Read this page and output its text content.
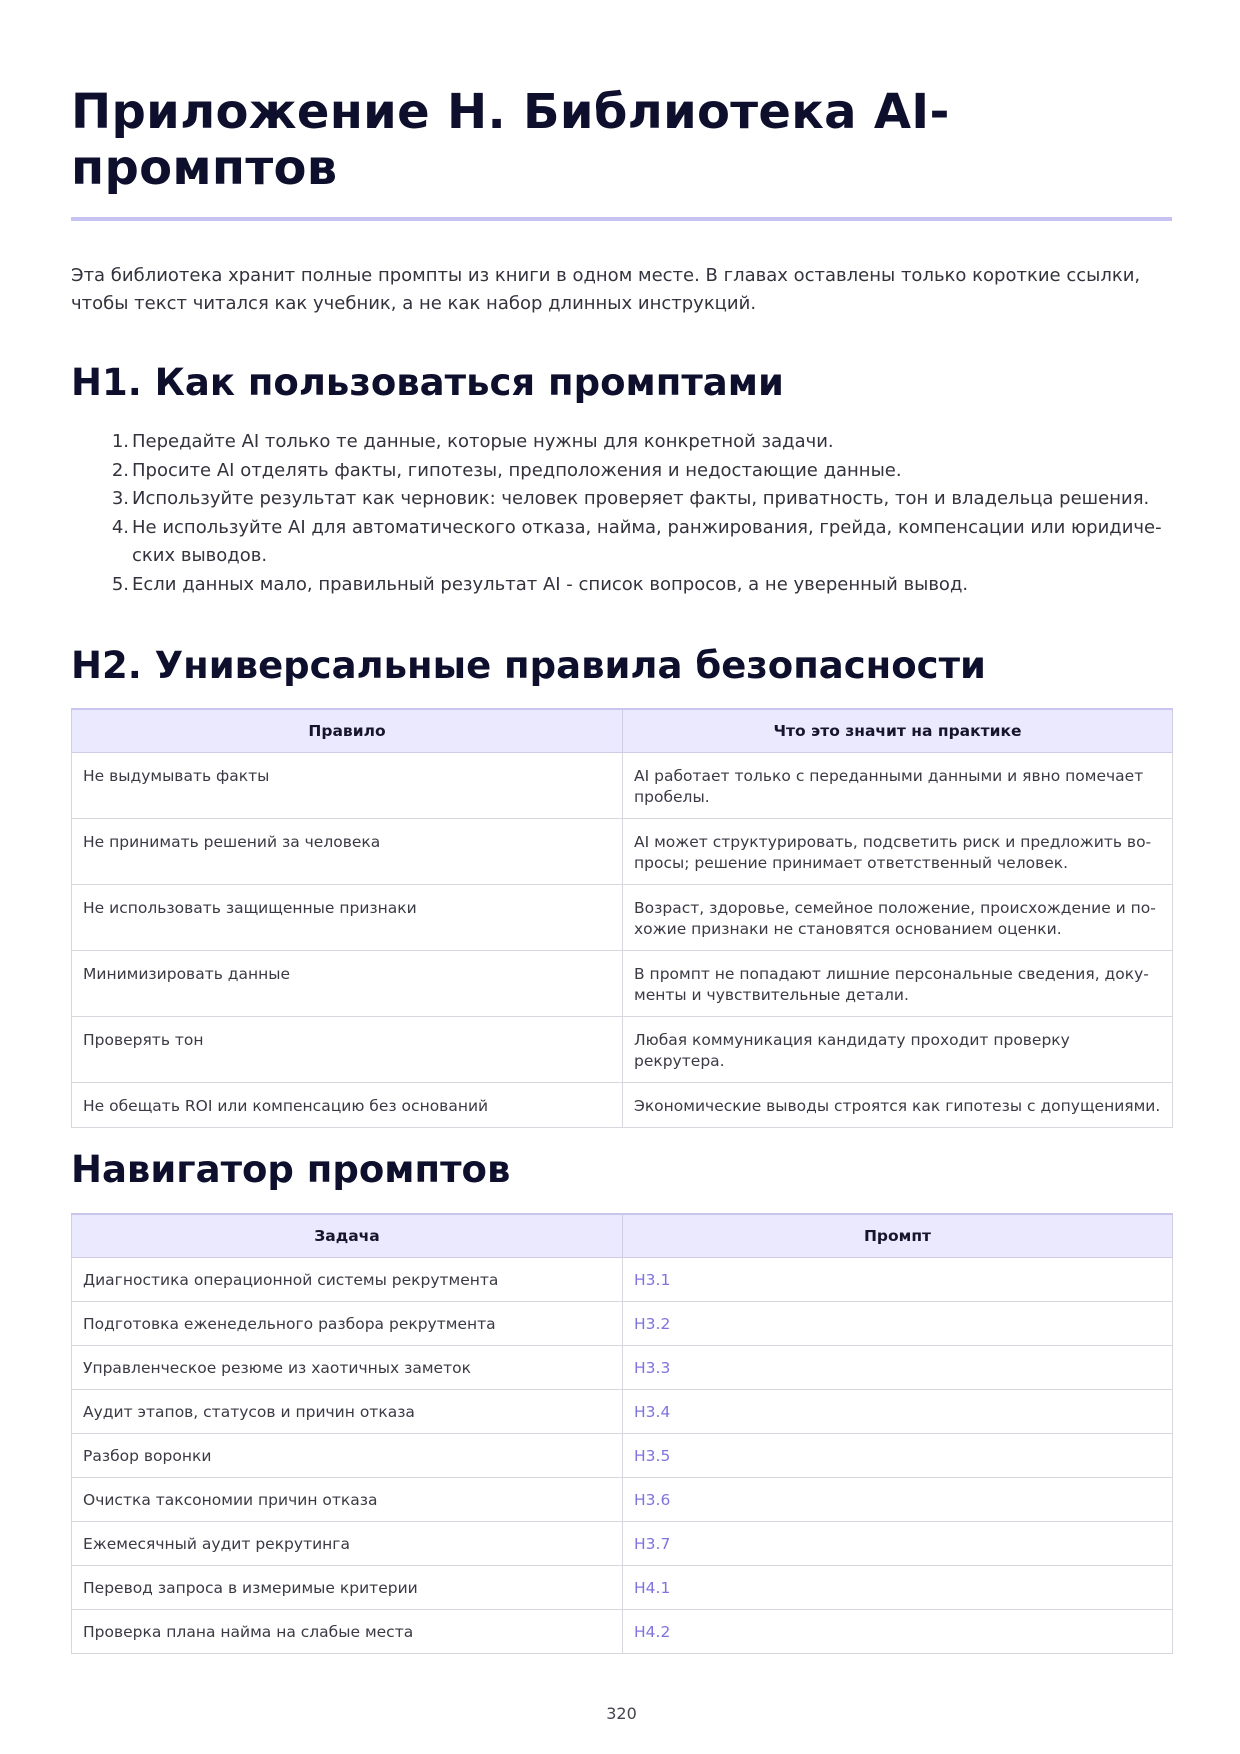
Приложение H. Библиотека AI-
промптов

Эта библиотека хранит полные промпты из книги в одном месте. В главах оставлены только короткие ссылки,
чтобы текст читался как учебник, а не как набор длинных инструкций.

H1. Как пользоваться промптами
1. Передайте AI только те данные, которые нужны для конкретной задачи.
2. Просите AI отделять факты, гипотезы, предположения и недостающие данные.
3. Используйте результат как черновик: человек проверяет факты, приватность, тон и владельца решения.
4. Не используйте AI для автоматического отказа, найма, ранжирования, грейда, компенсации или юридиче-
ских выводов.
5. Если данных мало, правильный результат AI - список вопросов, а не уверенный вывод.
H2. Универсальные правила безопасности
Правило	Что это значит на практике
Не выдумывать факты	AI работает только с переданными данными и явно помечает
пробелы.
Не принимать решений за человека	AI может структурировать, подсветить риск и предложить во-
просы; решение принимает ответственный человек.
Не использовать защищенные признаки	Возраст, здоровье, семейное положение, происхождение и по-
хожие признаки не становятся основанием оценки.
Минимизировать данные	В промпт не попадают лишние персональные сведения, доку-
менты и чувствительные детали.
Проверять тон	Любая коммуникация кандидату проходит проверку рекрутера.
Не обещать ROI или компенсацию без оснований	Экономические выводы строятся как гипотезы с допущениями.
Навигатор промптов
Задача	Промпт
Диагностика операционной системы рекрутмента	H3.1
Подготовка еженедельного разбора рекрутмента	H3.2
Управленческое резюме из хаотичных заметок	H3.3
Аудит этапов, статусов и причин отказа	H3.4
Разбор воронки	H3.5
Очистка таксономии причин отказа	H3.6
Ежемесячный аудит рекрутинга	H3.7
Перевод запроса в измеримые критерии	H4.1
Проверка плана найма на слабые места	H4.2
320
